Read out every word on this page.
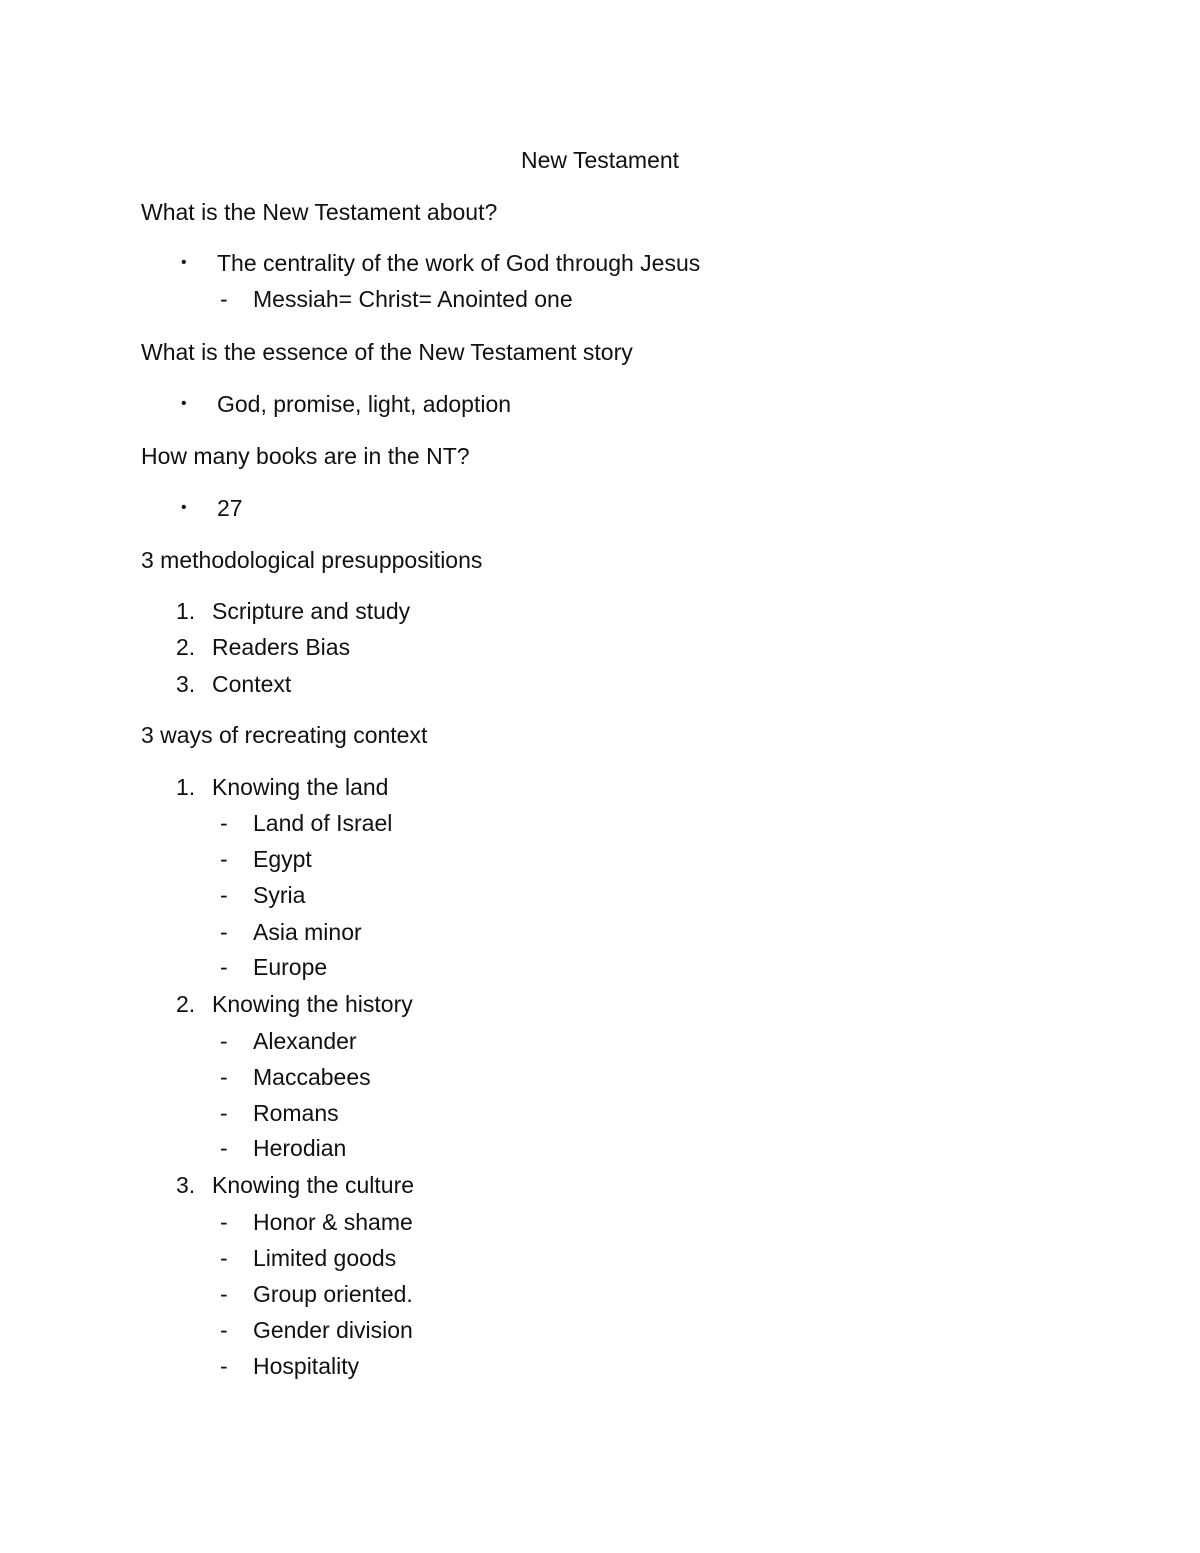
New Testament
What is the New Testament about?
• The centrality of the work of God through Jesus
- Messiah= Christ= Anointed one
What is the essence of the New Testament story
• God, promise, light, adoption
How many books are in the NT?
• 27
3 methodological presuppositions
1. Scripture and study
2. Readers Bias
3. Context
3 ways of recreating context
1. Knowing the land
- Land of Israel
- Egypt
- Syria
- Asia minor
- Europe
2. Knowing the history
- Alexander
- Maccabees
- Romans
- Herodian
3. Knowing the culture
- Honor & shame
- Limited goods
- Group oriented.
- Gender division
- Hospitality
